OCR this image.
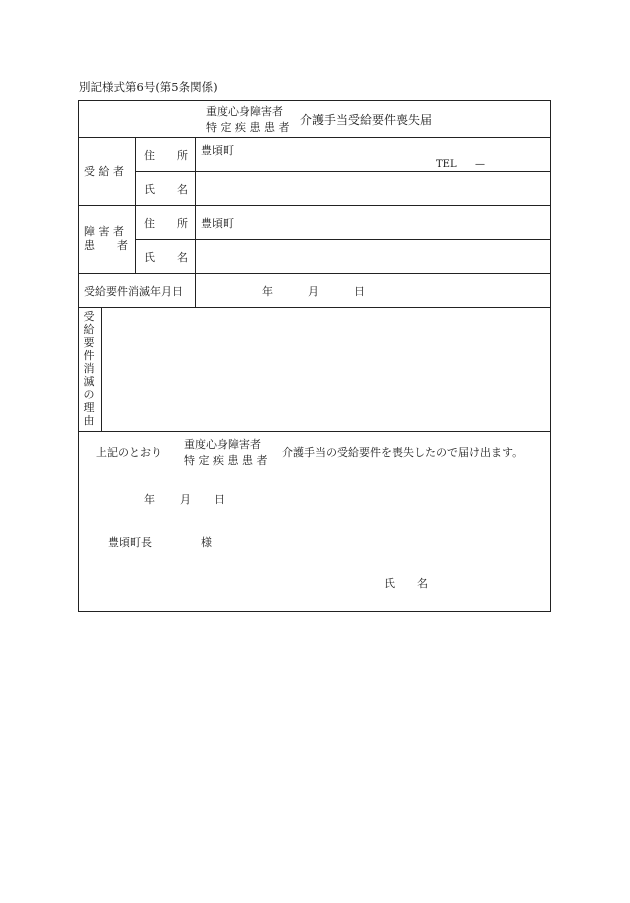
別記様式第6号(第5条関係)
重度心身障害者
特 定 疾 患 患 者
介護手当受給要件喪失届
受 給 者
住　　所 豊頃町
TEL —
氏　　名
障 害 者
患　　者
住　　所 豊頃町
氏　　名
受給要件消滅年月日	年	月	日
受
給
要
件
消
滅
の
理
由
上記のとおり
重度心身障害者
特 定 疾 患 患 者
介護手当の受給要件を喪失したので届け出ます。
年 月 日
豊頃町長	様
氏　　名
